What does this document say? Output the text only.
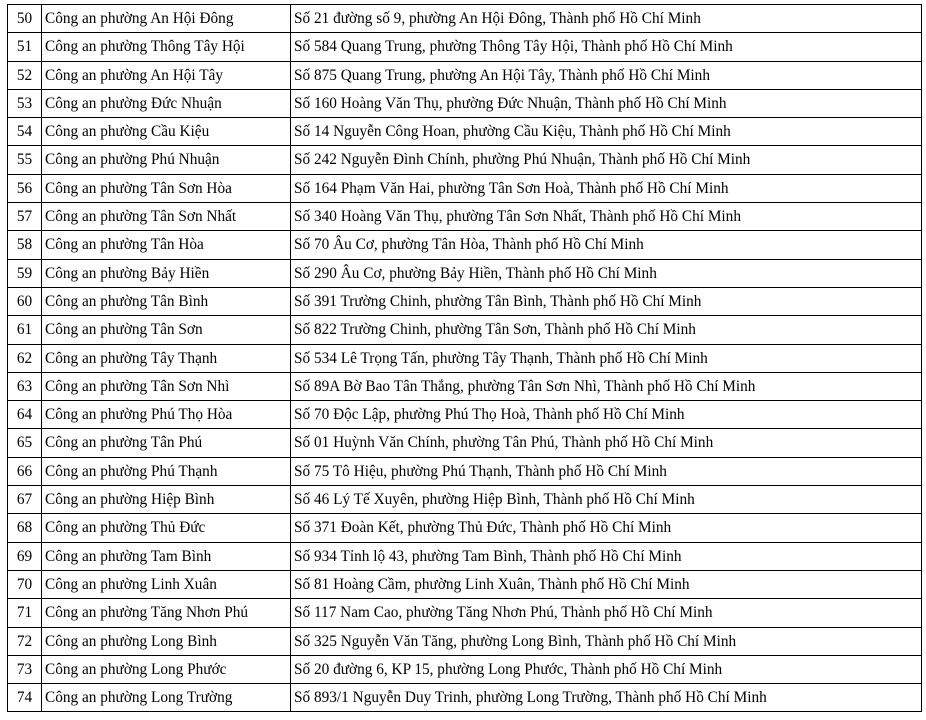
50	Công an phường An Hội Đông	Số 21 đường số 9, phường An Hội Đông, Thành phố Hồ Chí Minh
51	Công an phường Thông Tây Hội	Số 584 Quang Trung, phường Thông Tây Hội, Thành phố Hồ Chí Minh
52	Công an phường An Hội Tây	Số 875 Quang Trung, phường An Hội Tây, Thành phố Hồ Chí Minh
53	Công an phường Đức Nhuận	Số 160 Hoàng Văn Thụ, phường Đức Nhuận, Thành phố Hồ Chí Minh
54	Công an phường Cầu Kiệu	Số 14 Nguyễn Công Hoan, phường Cầu Kiệu, Thành phố Hồ Chí Minh
55	Công an phường Phú Nhuận	Số 242 Nguyễn Đình Chính, phường Phú Nhuận, Thành phố Hồ Chí Minh
56	Công an phường Tân Sơn Hòa	Số 164 Phạm Văn Hai, phường Tân Sơn Hoà, Thành phố Hồ Chí Minh
57	Công an phường Tân Sơn Nhất	Số 340 Hoàng Văn Thụ, phường Tân Sơn Nhất, Thành phố Hồ Chí Minh
58	Công an phường Tân Hòa	Số 70 Âu Cơ, phường Tân Hòa, Thành phố Hồ Chí Minh
59	Công an phường Bảy Hiền	Số 290 Âu Cơ, phường Bảy Hiền, Thành phố Hồ Chí Minh
60	Công an phường Tân Bình	Số 391 Trường Chinh, phường Tân Bình, Thành phố Hồ Chí Minh
61	Công an phường Tân Sơn	Số 822 Trường Chinh, phường Tân Sơn, Thành phố Hồ Chí Minh
62	Công an phường Tây Thạnh	Số 534 Lê Trọng Tấn, phường Tây Thạnh, Thành phố Hồ Chí Minh
63	Công an phường Tân Sơn Nhì	Số 89A Bờ Bao Tân Thắng, phường Tân Sơn Nhì, Thành phố Hồ Chí Minh
64	Công an phường Phú Thọ Hòa	Số 70 Độc Lập, phường Phú Thọ Hoà, Thành phố Hồ Chí Minh
65	Công an phường Tân Phú	Số 01 Huỳnh Văn Chính, phường Tân Phú, Thành phố Hồ Chí Minh
66	Công an phường Phú Thạnh	Số 75 Tô Hiệu, phường Phú Thạnh, Thành phố Hồ Chí Minh
67	Công an phường Hiệp Bình	Số 46 Lý Tế Xuyên, phường Hiệp Bình, Thành phố Hồ Chí Minh
68	Công an phường Thủ Đức	Số 371 Đoàn Kết, phường Thủ Đức, Thành phố Hồ Chí Minh
69	Công an phường Tam Bình	Số 934 Tỉnh lộ 43, phường Tam Bình, Thành phố Hồ Chí Minh
70	Công an phường Linh Xuân	Số 81 Hoàng Cầm, phường Linh Xuân, Thành phố Hồ Chí Minh
71	Công an phường Tăng Nhơn Phú	Số 117 Nam Cao, phường Tăng Nhơn Phú, Thành phố Hồ Chí Minh
72	Công an phường Long Bình	Số 325 Nguyễn Văn Tăng, phường Long Bình, Thành phố Hồ Chí Minh
73	Công an phường Long Phước	Số 20 đường 6, KP 15, phường Long Phước, Thành phố Hồ Chí Minh
74	Công an phường Long Trường	Số 893/1 Nguyễn Duy Trinh, phường Long Trường, Thành phố Hồ Chí Minh
